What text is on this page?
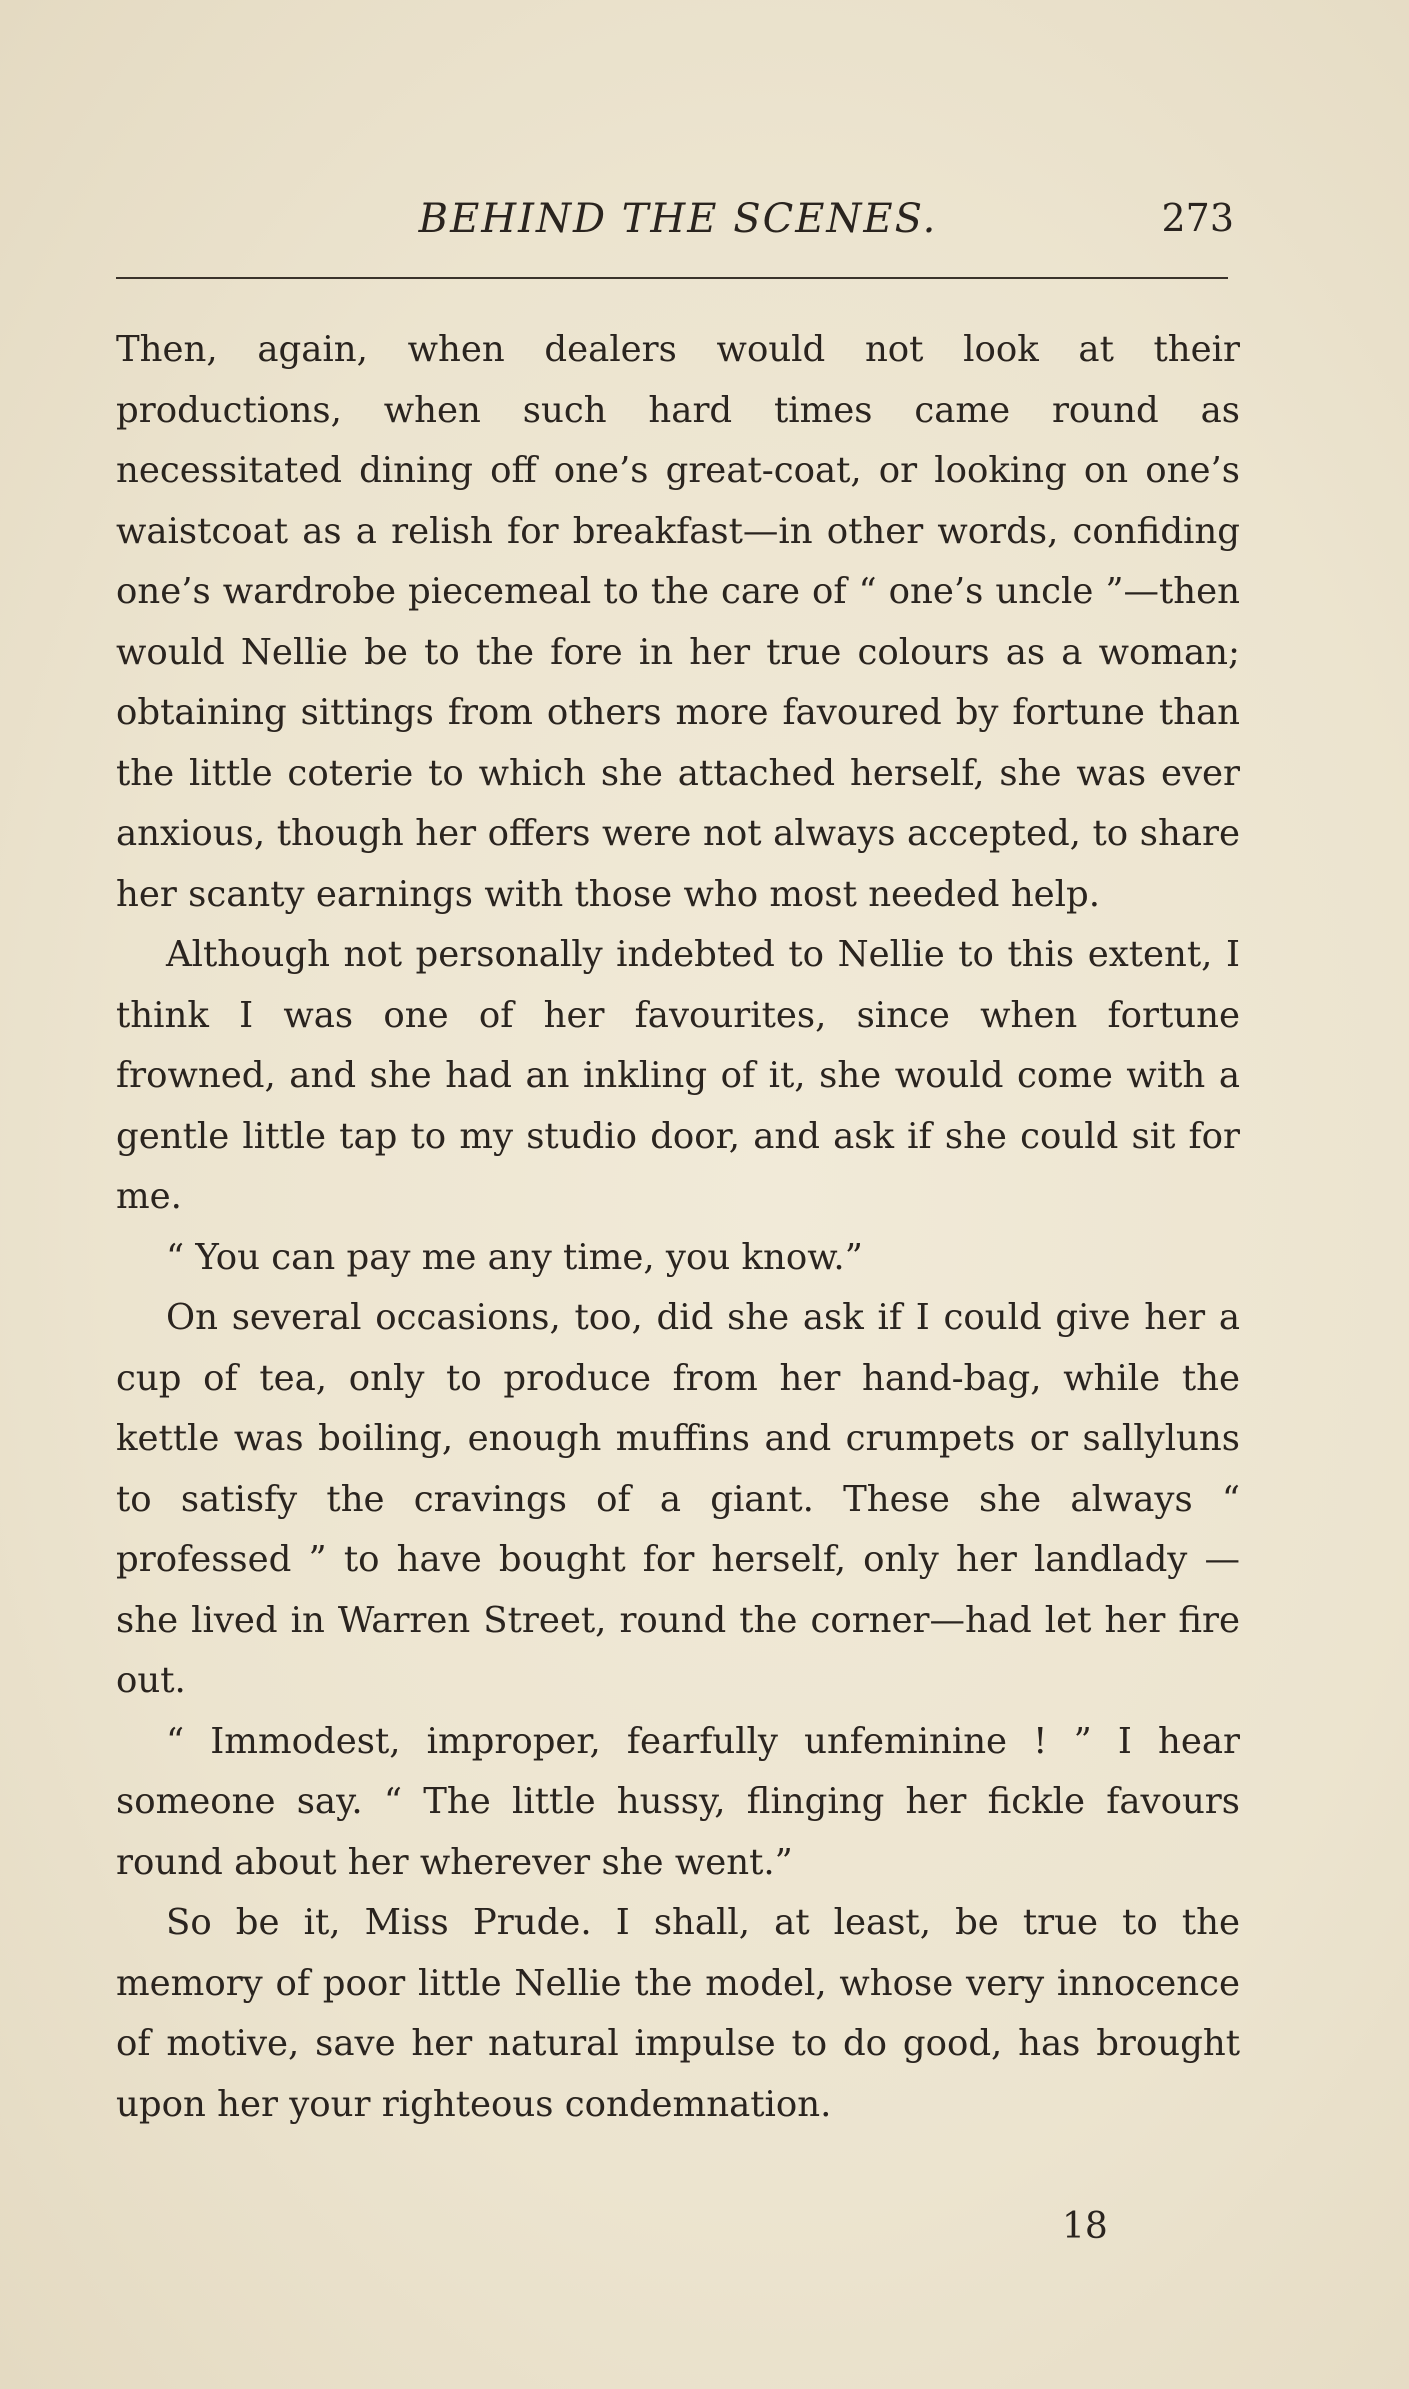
BEHIND THE SCENES.	273

Then, again, when dealers would not look at their productions, when such hard times came round as necessitated dining off one’s great-coat, or looking on one’s waistcoat as a relish for breakfast—in other words, confiding one’s wardrobe piecemeal to the care of “ one’s uncle ”—then would Nellie be to the fore in her true colours as a woman; obtaining sittings from others more favoured by fortune than the little coterie to which she attached herself, she was ever anxious, though her offers were not always accepted, to share her scanty earnings with those who most needed help.

Although not personally indebted to Nellie to this extent, I think I was one of her favourites, since when fortune frowned, and she had an inkling of it, she would come with a gentle little tap to my studio door, and ask if she could sit for me.

“ You can pay me any time, you know.”

On several occasions, too, did she ask if I could give her a cup of tea, only to produce from her hand-bag, while the kettle was boiling, enough muffins and crumpets or sallyluns to satisfy the cravings of a giant. These she always “ professed ” to have bought for herself, only her landlady —she lived in Warren Street, round the corner—had let her fire out.

“ Immodest, improper, fearfully unfeminine ! ” I hear someone say. “ The little hussy, flinging her fickle favours round about her wherever she went.”

So be it, Miss Prude. I shall, at least, be true to the memory of poor little Nellie the model, whose very innocence of motive, save her natural impulse to do good, has brought upon her your righteous condemnation.

18
